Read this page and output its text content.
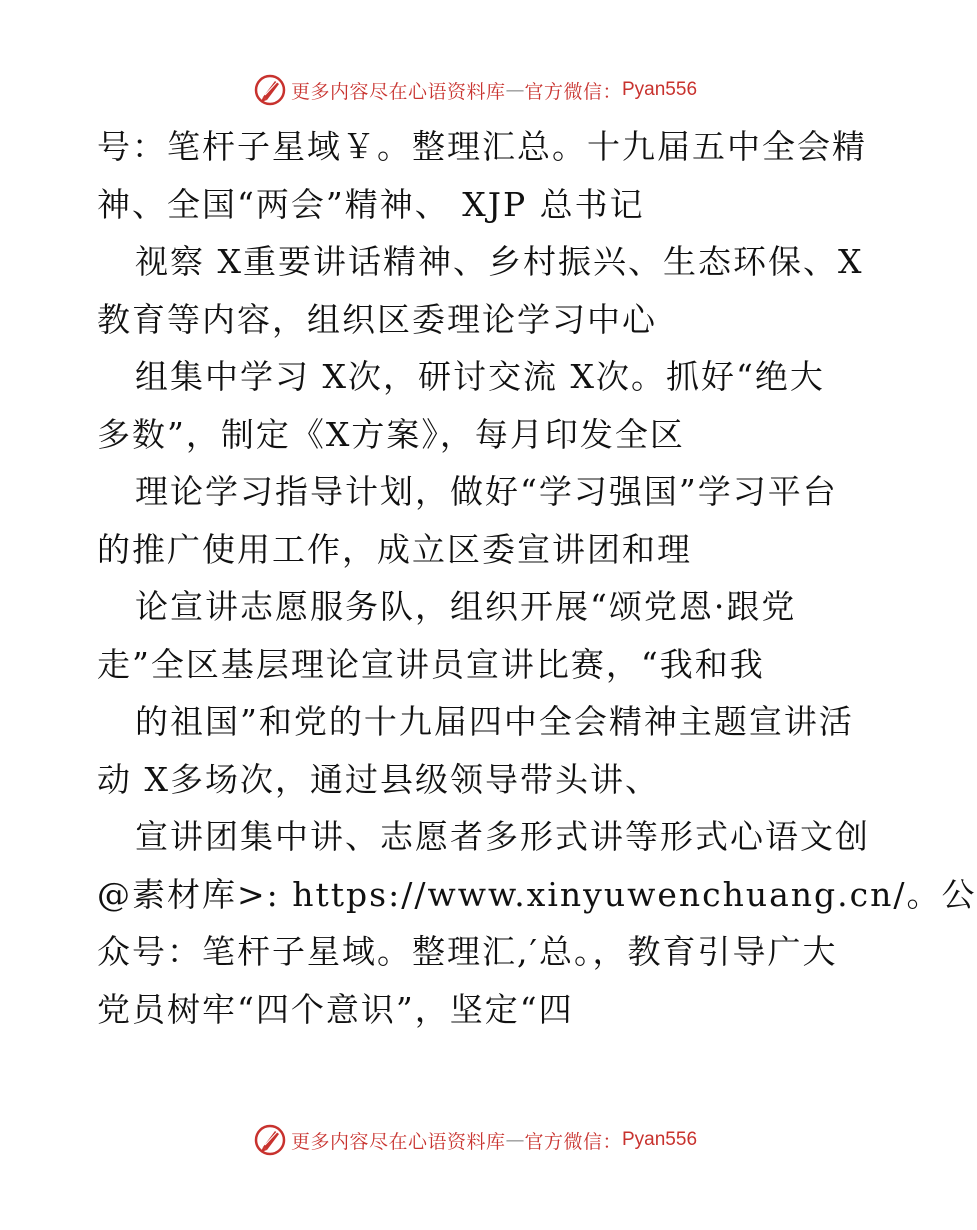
更多内容尽在心语资料库 — 官方微信： Pyan556
号：笔杆子星域￥。整理汇总。十九届五中全会精
神、全国“两会”精神、 XJP 总书记
视察 X重要讲话精神、乡村振兴、生态环保、X
教育等内容，组织区委理论学习中心
组集中学习 X次，研讨交流 X次。抓好“绝大
多数”，制定《X方案》，每月印发全区
理论学习指导计划，做好“学习强国”学习平台
的推广使用工作，成立区委宣讲团和理
论宣讲志愿服务队，组织开展“颂党恩·跟党
走”全区基层理论宣讲员宣讲比赛，“我和我
的祖国”和党的十九届四中全会精神主题宣讲活
动 X多场次，通过县级领导带头讲、
宣讲团集中讲、志愿者多形式讲等形式心语文创
@素材库>: https://www.xinyuwenchuang.cn/。公
众号：笔杆子星域。整理汇,′总。，教育引导广大
党员树牢“四个意识”，坚定“四
更多内容尽在心语资料库 — 官方微信： Pyan556
